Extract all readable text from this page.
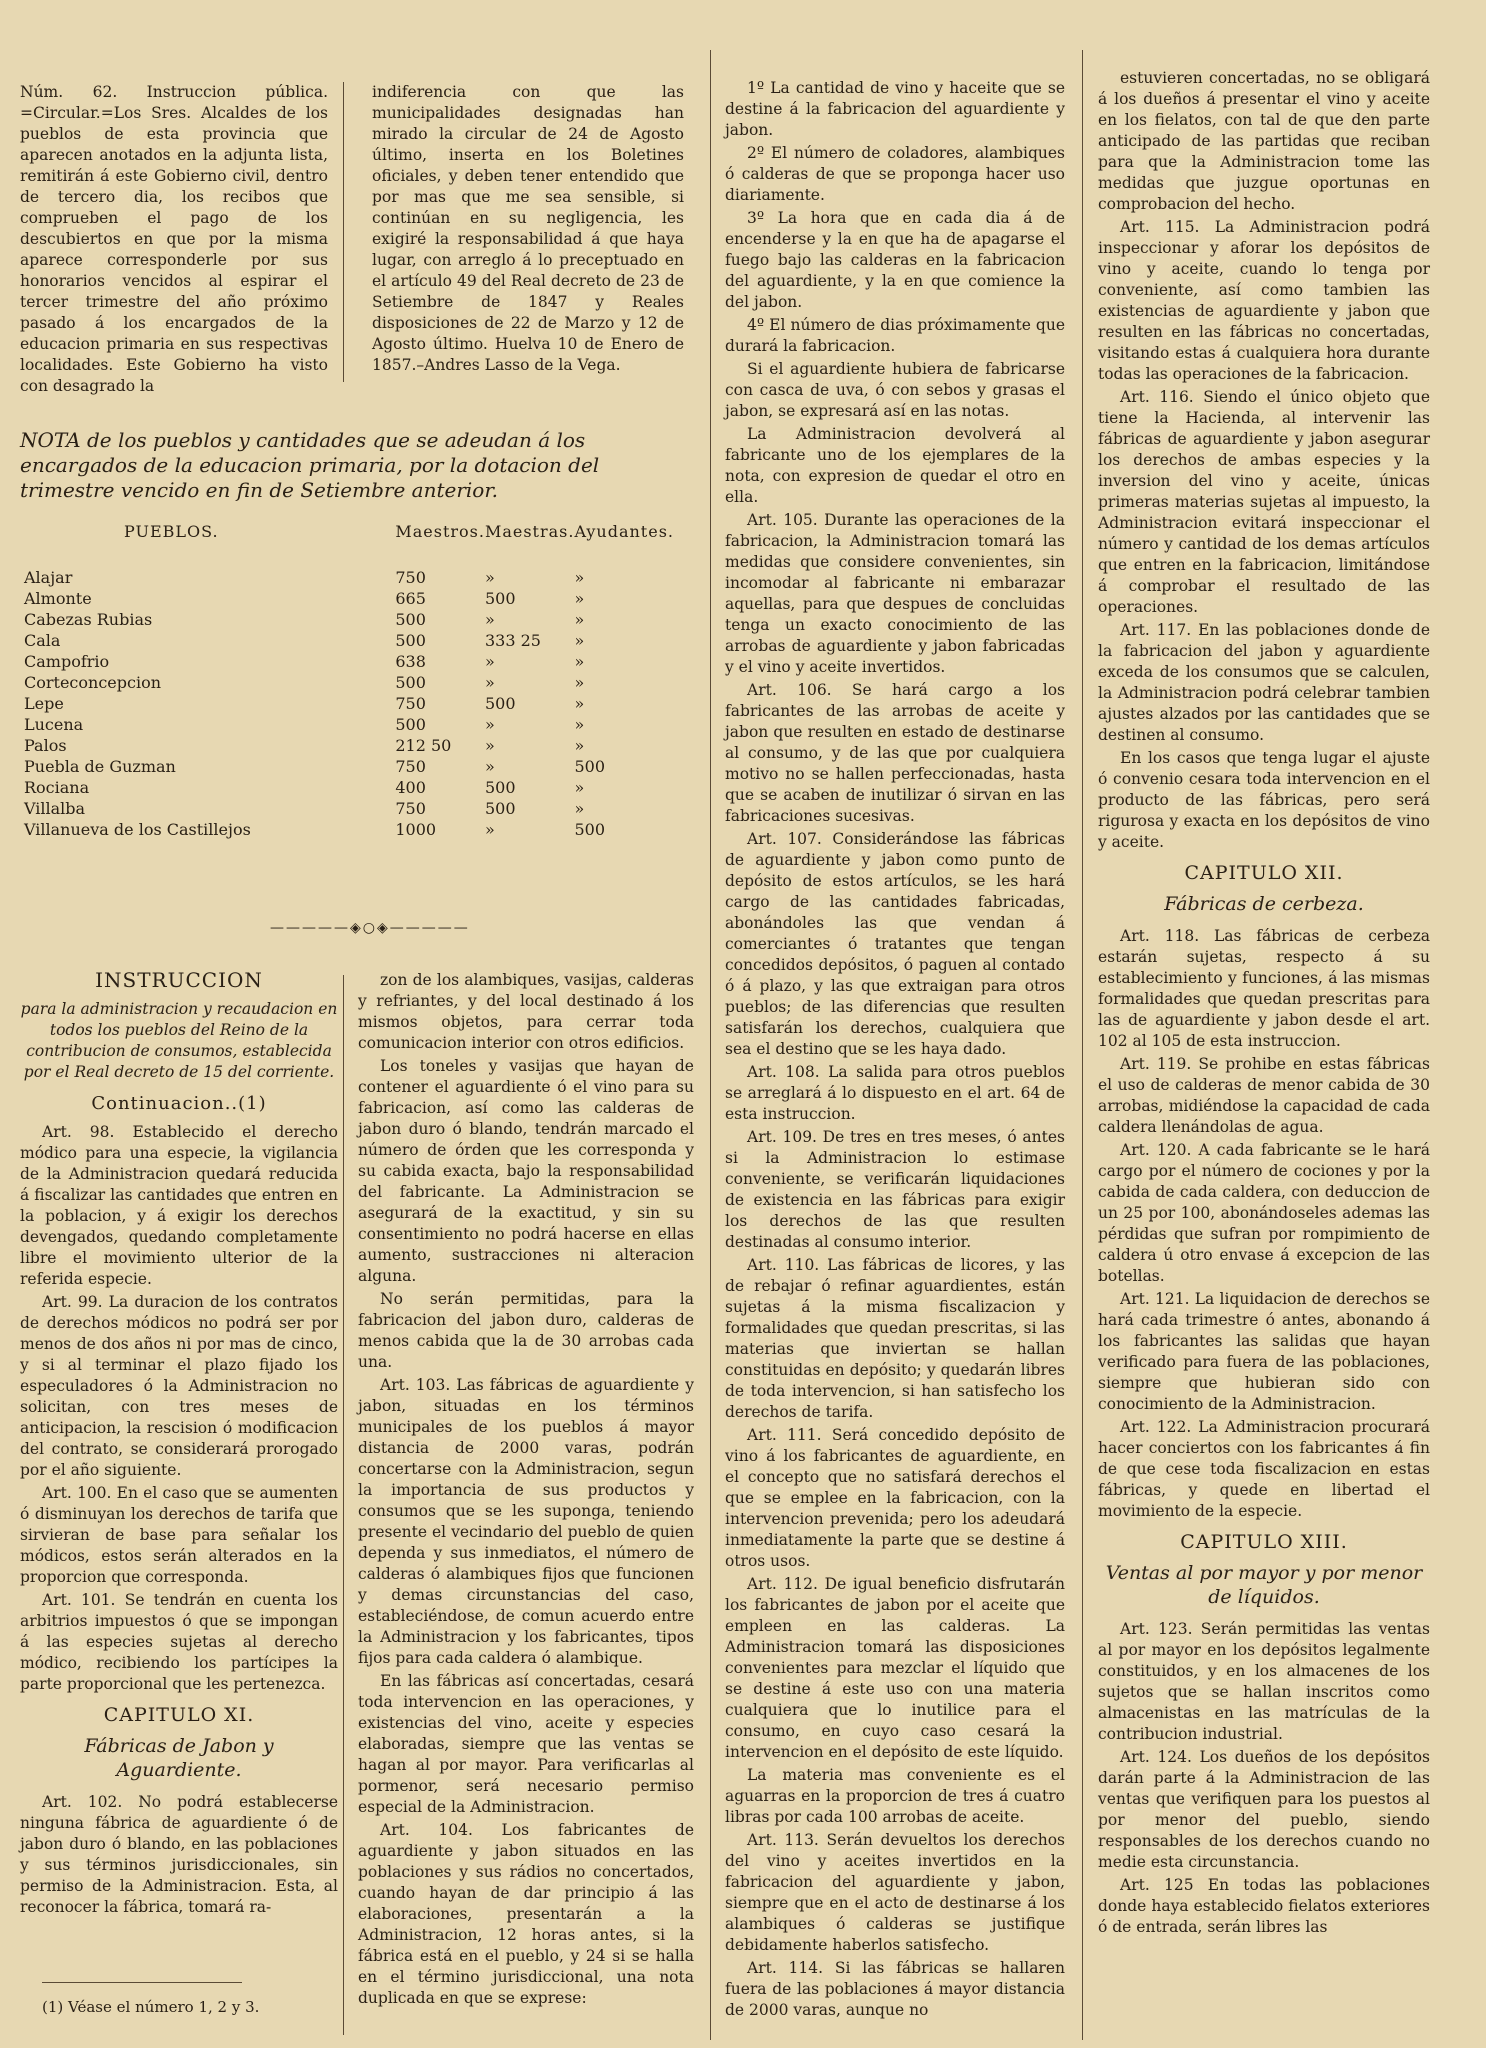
Núm. 62. Instruccion pública. =Circular.=Los Sres. Alcaldes de los pueblos de esta provincia que aparecen anotados en la adjunta lista, remitirán á este Gobierno civil, dentro de tercero dia, los recibos que comprueben el pago de los descubiertos en que por la misma aparece corresponderle por sus honorarios vencidos al espirar el tercer trimestre del año próximo pasado á los encargados de la educacion primaria en sus respectivas localidades. Este Gobierno ha visto con desagrado la

indiferencia con que las municipalidades designadas han mirado la circular de 24 de Agosto último, inserta en los Boletines oficiales, y deben tener entendido que por mas que me sea sensible, si continúan en su negligencia, les exigiré la responsabilidad á que haya lugar, con arreglo á lo preceptuado en el artículo 49 del Real decreto de 23 de Setiembre de 1847 y Reales disposiciones de 22 de Marzo y 12 de Agosto último. Huelva 10 de Enero de 1857.–Andres Lasso de la Vega.

NOTA de los pueblos y cantidades que se adeudan á los encargados de la educacion primaria, por la dotacion del trimestre vencido en fin de Setiembre anterior.
PUEBLOS.	Maestros.	Maestras.	Ayudantes.
Alajar	750	»	»
Almonte	665	500	»
Cabezas Rubias	500	»	»
Cala	500	333 25	»
Campofrio	638	»	»
Corteconcepcion	500	»	»
Lepe	750	500	»
Lucena	500	»	»
Palos	212 50	»	»
Puebla de Guzman	750	»	500
Rociana	400	500	»
Villalba	750	500	»
Villanueva de los Castillejos	1000	»	500
—————◈○◈—————
INSTRUCCION

para la administracion y recaudacion en todos los pueblos del Reino de la contribucion de consumos, establecida por el Real decreto de 15 del corriente.

Continuacion..(1)

Art. 98. Establecido el derecho módico para una especie, la vigilancia de la Administracion quedará reducida á fiscalizar las cantidades que entren en la poblacion, y á exigir los derechos devengados, quedando completamente libre el movimiento ulterior de la referida especie.

Art. 99. La duracion de los contratos de derechos módicos no podrá ser por menos de dos años ni por mas de cinco, y si al terminar el plazo fijado los especuladores ó la Administracion no solicitan, con tres meses de anticipacion, la rescision ó modificacion del contrato, se considerará prorogado por el año siguiente.

Art. 100. En el caso que se aumenten ó disminuyan los derechos de tarifa que sirvieran de base para señalar los módicos, estos serán alterados en la proporcion que corresponda.

Art. 101. Se tendrán en cuenta los arbitrios impuestos ó que se impongan á las especies sujetas al derecho módico, recibiendo los partícipes la parte proporcional que les pertenezca.

CAPITULO XI.
Fábricas de Jabon y Aguardiente.

Art. 102. No podrá establecerse ninguna fábrica de aguardiente ó de jabon duro ó blando, en las poblaciones y sus términos jurisdiccionales, sin permiso de la Administracion. Esta, al reconocer la fábrica, tomará ra-

(1) Véase el número 1, 2 y 3.

zon de los alambiques, vasijas, calderas y refriantes, y del local destinado á los mismos objetos, para cerrar toda comunicacion interior con otros edificios.

Los toneles y vasijas que hayan de contener el aguardiente ó el vino para su fabricacion, así como las calderas de jabon duro ó blando, tendrán marcado el número de órden que les corresponda y su cabida exacta, bajo la responsabilidad del fabricante. La Administracion se asegurará de la exactitud, y sin su consentimiento no podrá hacerse en ellas aumento, sustracciones ni alteracion alguna.

No serán permitidas, para la fabricacion del jabon duro, calderas de menos cabida que la de 30 arrobas cada una.

Art. 103. Las fábricas de aguardiente y jabon, situadas en los términos municipales de los pueblos á mayor distancia de 2000 varas, podrán concertarse con la Administracion, segun la importancia de sus productos y consumos que se les suponga, teniendo presente el vecindario del pueblo de quien dependa y sus inmediatos, el número de calderas ó alambiques fijos que funcionen y demas circunstancias del caso, estableciéndose, de comun acuerdo entre la Administracion y los fabricantes, tipos fijos para cada caldera ó alambique.

En las fábricas así concertadas, cesará toda intervencion en las operaciones, y existencias del vino, aceite y especies elaboradas, siempre que las ventas se hagan al por mayor. Para verificarlas al pormenor, será necesario permiso especial de la Administracion.

Art. 104. Los fabricantes de aguardiente y jabon situados en las poblaciones y sus rádios no concertados, cuando hayan de dar principio á las elaboraciones, presentarán a la Administracion, 12 horas antes, si la fábrica está en el pueblo, y 24 si se halla en el término jurisdiccional, una nota duplicada en que se exprese:

1º La cantidad de vino y haceite que se destine á la fabricacion del aguardiente y jabon.

2º El número de coladores, alambiques ó calderas de que se proponga hacer uso diariamente.

3º La hora que en cada dia á de encenderse y la en que ha de apagarse el fuego bajo las calderas en la fabricacion del aguardiente, y la en que comience la del jabon.

4º El número de dias próximamente que durará la fabricacion.

Si el aguardiente hubiera de fabricarse con casca de uva, ó con sebos y grasas el jabon, se expresará así en las notas.

La Administracion devolverá al fabricante uno de los ejemplares de la nota, con expresion de quedar el otro en ella.

Art. 105. Durante las operaciones de la fabricacion, la Administracion tomará las medidas que considere convenientes, sin incomodar al fabricante ni embarazar aquellas, para que despues de concluidas tenga un exacto conocimiento de las arrobas de aguardiente y jabon fabricadas y el vino y aceite invertidos.

Art. 106. Se hará cargo a los fabricantes de las arrobas de aceite y jabon que resulten en estado de destinarse al consumo, y de las que por cualquiera motivo no se hallen perfeccionadas, hasta que se acaben de inutilizar ó sirvan en las fabricaciones sucesivas.

Art. 107. Considerándose las fábricas de aguardiente y jabon como punto de depósito de estos artículos, se les hará cargo de las cantidades fabricadas, abonándoles las que vendan á comerciantes ó tratantes que tengan concedidos depósitos, ó paguen al contado ó á plazo, y las que extraigan para otros pueblos; de las diferencias que resulten satisfarán los derechos, cualquiera que sea el destino que se les haya dado.

Art. 108. La salida para otros pueblos se arreglará á lo dispuesto en el art. 64 de esta instruccion.

Art. 109. De tres en tres meses, ó antes si la Administracion lo estimase conveniente, se verificarán liquidaciones de existencia en las fábricas para exigir los derechos de las que resulten destinadas al consumo interior.

Art. 110. Las fábricas de licores, y las de rebajar ó refinar aguardientes, están sujetas á la misma fiscalizacion y formalidades que quedan prescritas, si las materias que inviertan se hallan constituidas en depósito; y quedarán libres de toda intervencion, si han satisfecho los derechos de tarifa.

Art. 111. Será concedido depósito de vino á los fabricantes de aguardiente, en el concepto que no satisfará derechos el que se emplee en la fabricacion, con la intervencion prevenida; pero los adeudará inmediatamente la parte que se destine á otros usos.

Art. 112. De igual beneficio disfrutarán los fabricantes de jabon por el aceite que empleen en las calderas. La Administracion tomará las disposiciones convenientes para mezclar el líquido que se destine á este uso con una materia cualquiera que lo inutilice para el consumo, en cuyo caso cesará la intervencion en el depósito de este líquido.

La materia mas conveniente es el aguarras en la proporcion de tres á cuatro libras por cada 100 arrobas de aceite.

Art. 113. Serán devueltos los derechos del vino y aceites invertidos en la fabricacion del aguardiente y jabon, siempre que en el acto de destinarse á los alambiques ó calderas se justifique debidamente haberlos satisfecho.

Art. 114. Si las fábricas se hallaren fuera de las poblaciones á mayor distancia de 2000 varas, aunque no

estuvieren concertadas, no se obligará á los dueños á presentar el vino y aceite en los fielatos, con tal de que den parte anticipado de las partidas que reciban para que la Administracion tome las medidas que juzgue oportunas en comprobacion del hecho.

Art. 115. La Administracion podrá inspeccionar y aforar los depósitos de vino y aceite, cuando lo tenga por conveniente, así como tambien las existencias de aguardiente y jabon que resulten en las fábricas no concertadas, visitando estas á cualquiera hora durante todas las operaciones de la fabricacion.

Art. 116. Siendo el único objeto que tiene la Hacienda, al intervenir las fábricas de aguardiente y jabon asegurar los derechos de ambas especies y la inversion del vino y aceite, únicas primeras materias sujetas al impuesto, la Administracion evitará inspeccionar el número y cantidad de los demas artículos que entren en la fabricacion, limitándose á comprobar el resultado de las operaciones.

Art. 117. En las poblaciones donde de la fabricacion del jabon y aguardiente exceda de los consumos que se calculen, la Administracion podrá celebrar tambien ajustes alzados por las cantidades que se destinen al consumo.

En los casos que tenga lugar el ajuste ó convenio cesara toda intervencion en el producto de las fábricas, pero será rigurosa y exacta en los depósitos de vino y aceite.

CAPITULO XII.
Fábricas de cerbeza.

Art. 118. Las fábricas de cerbeza estarán sujetas, respecto á su establecimiento y funciones, á las mismas formalidades que quedan prescritas para las de aguardiente y jabon desde el art. 102 al 105 de esta instruccion.

Art. 119. Se prohibe en estas fábricas el uso de calderas de menor cabida de 30 arrobas, midiéndose la capacidad de cada caldera llenándolas de agua.

Art. 120. A cada fabricante se le hará cargo por el número de cociones y por la cabida de cada caldera, con deduccion de un 25 por 100, abonándoseles ademas las pérdidas que sufran por rompimiento de caldera ú otro envase á excepcion de las botellas.

Art. 121. La liquidacion de derechos se hará cada trimestre ó antes, abonando á los fabricantes las salidas que hayan verificado para fuera de las poblaciones, siempre que hubieran sido con conocimiento de la Administracion.

Art. 122. La Administracion procurará hacer conciertos con los fabricantes á fin de que cese toda fiscalizacion en estas fábricas, y quede en libertad el movimiento de la especie.

CAPITULO XIII.
Ventas al por mayor y por menor de líquidos.

Art. 123. Serán permitidas las ventas al por mayor en los depósitos legalmente constituidos, y en los almacenes de los sujetos que se hallan inscritos como almacenistas en las matrículas de la contribucion industrial.

Art. 124. Los dueños de los depósitos darán parte á la Administracion de las ventas que verifiquen para los puestos al por menor del pueblo, siendo responsables de los derechos cuando no medie esta circunstancia.

Art. 125 En todas las poblaciones donde haya establecido fielatos exteriores ó de entrada, serán libres las
